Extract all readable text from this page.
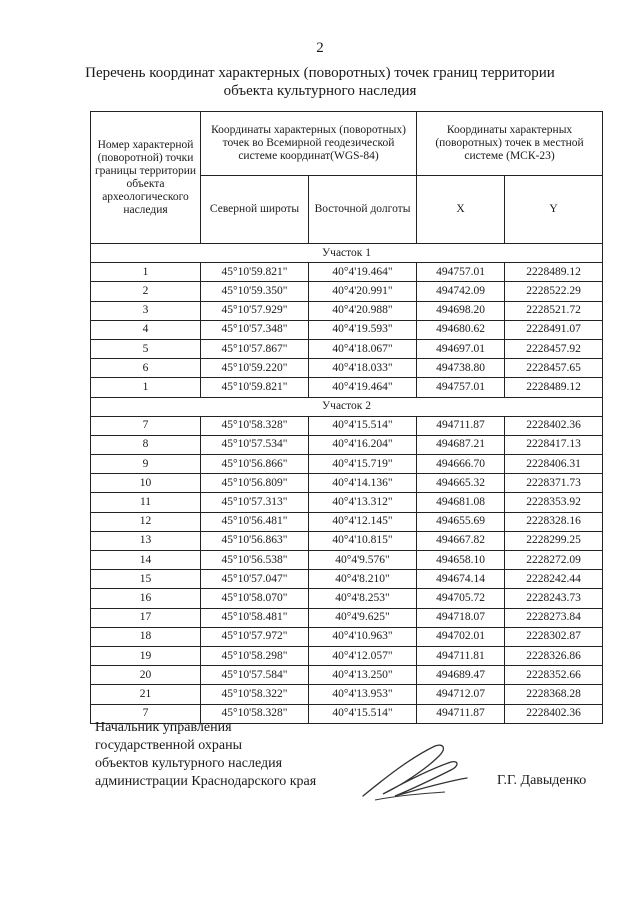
2
Перечень координат характерных (поворотных) точек границ территории
объекта культурного наследия
Номер характерной (поворотной) точки границы территории объекта археологического наследия	Координаты характерных (поворотных) точек во Всемирной геодезической системе координат(WGS-84)		Координаты характерных (поворотных) точек в местной системе (МСК-23)	
	Северной широты	Восточной долготы	X	Y
Участок 1				
1	45°10'59.821"	40°4'19.464"	494757.01	2228489.12
2	45°10'59.350"	40°4'20.991"	494742.09	2228522.29
3	45°10'57.929"	40°4'20.988"	494698.20	2228521.72
4	45°10'57.348"	40°4'19.593"	494680.62	2228491.07
5	45°10'57.867"	40°4'18.067"	494697.01	2228457.92
6	45°10'59.220"	40°4'18.033"	494738.80	2228457.65
1	45°10'59.821"	40°4'19.464"	494757.01	2228489.12
Участок 2				
7	45°10'58.328"	40°4'15.514"	494711.87	2228402.36
8	45°10'57.534"	40°4'16.204"	494687.21	2228417.13
9	45°10'56.866"	40°4'15.719"	494666.70	2228406.31
10	45°10'56.809"	40°4'14.136"	494665.32	2228371.73
11	45°10'57.313"	40°4'13.312"	494681.08	2228353.92
12	45°10'56.481"	40°4'12.145"	494655.69	2228328.16
13	45°10'56.863"	40°4'10.815"	494667.82	2228299.25
14	45°10'56.538"	40°4'9.576"	494658.10	2228272.09
15	45°10'57.047"	40°4'8.210"	494674.14	2228242.44
16	45°10'58.070"	40°4'8.253"	494705.72	2228243.73
17	45°10'58.481"	40°4'9.625"	494718.07	2228273.84
18	45°10'57.972"	40°4'10.963"	494702.01	2228302.87
19	45°10'58.298"	40°4'12.057"	494711.81	2228326.86
20	45°10'57.584"	40°4'13.250"	494689.47	2228352.66
21	45°10'58.322"	40°4'13.953"	494712.07	2228368.28
7	45°10'58.328"	40°4'15.514"	494711.87	2228402.36
Начальник управления
государственной охраны
объектов культурного наследия
администрации Краснодарского края	Г.Г. Давыденко
